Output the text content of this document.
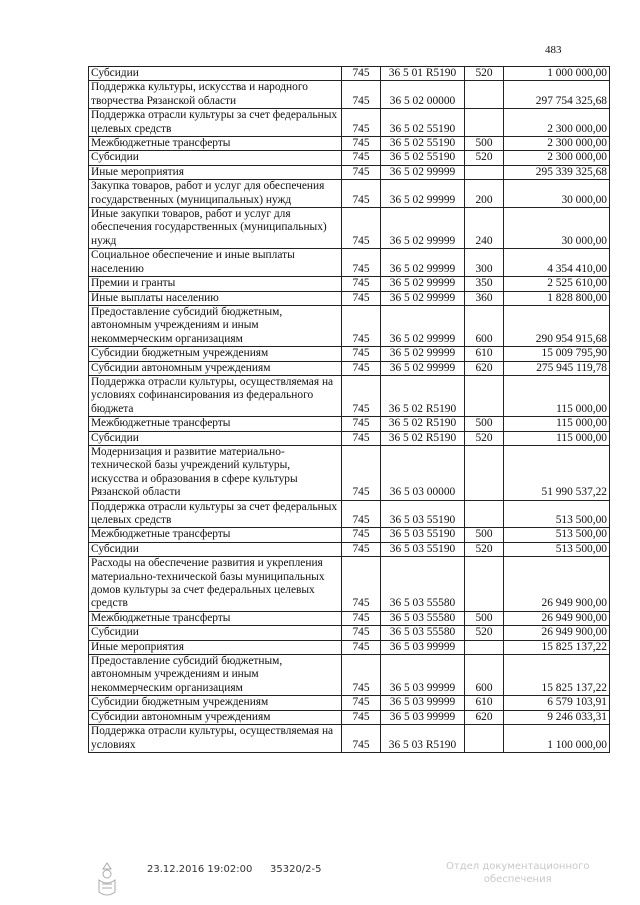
483
Субсидии	745	36 5 01 R5190	520	1 000 000,00
Поддержка культуры, искусства и народного творчества Рязанской области	745	36 5 02 00000		297 754 325,68
Поддержка отрасли культуры за счет федеральных целевых средств	745	36 5 02 55190		2 300 000,00
Межбюджетные трансферты	745	36 5 02 55190	500	2 300 000,00
Субсидии	745	36 5 02 55190	520	2 300 000,00
Иные мероприятия	745	36 5 02 99999		295 339 325,68
Закупка товаров, работ и услуг для обеспечения государственных (муниципальных) нужд	745	36 5 02 99999	200	30 000,00
Иные закупки товаров, работ и услуг для обеспечения государственных (муниципальных) нужд	745	36 5 02 99999	240	30 000,00
Социальное обеспечение и иные выплаты населению	745	36 5 02 99999	300	4 354 410,00
Премии и гранты	745	36 5 02 99999	350	2 525 610,00
Иные выплаты населению	745	36 5 02 99999	360	1 828 800,00
Предоставление субсидий бюджетным, автономным учреждениям и иным некоммерческим организациям	745	36 5 02 99999	600	290 954 915,68
Субсидии бюджетным учреждениям	745	36 5 02 99999	610	15 009 795,90
Субсидии автономным учреждениям	745	36 5 02 99999	620	275 945 119,78
Поддержка отрасли культуры, осуществляемая на условиях софинансирования из федерального бюджета	745	36 5 02 R5190		115 000,00
Межбюджетные трансферты	745	36 5 02 R5190	500	115 000,00
Субсидии	745	36 5 02 R5190	520	115 000,00
Модернизация и развитие материально-технической базы учреждений культуры, искусства и образования в сфере культуры Рязанской области	745	36 5 03 00000		51 990 537,22
Поддержка отрасли культуры за счет федеральных целевых средств	745	36 5 03 55190		513 500,00
Межбюджетные трансферты	745	36 5 03 55190	500	513 500,00
Субсидии	745	36 5 03 55190	520	513 500,00
Расходы на обеспечение развития и укрепления материально-технической базы муниципальных домов культуры за счет федеральных целевых средств	745	36 5 03 55580		26 949 900,00
Межбюджетные трансферты	745	36 5 03 55580	500	26 949 900,00
Субсидии	745	36 5 03 55580	520	26 949 900,00
Иные мероприятия	745	36 5 03 99999		15 825 137,22
Предоставление субсидий бюджетным, автономным учреждениям и иным некоммерческим организациям	745	36 5 03 99999	600	15 825 137,22
Субсидии бюджетным учреждениям	745	36 5 03 99999	610	6 579 103,91
Субсидии автономным учреждениям	745	36 5 03 99999	620	9 246 033,31
Поддержка отрасли культуры, осуществляемая на условиях	745	36 5 03 R5190		1 100 000,00
23.12.2016 19:02:00 35320/2-5	Отдел документационного
обеспечения
